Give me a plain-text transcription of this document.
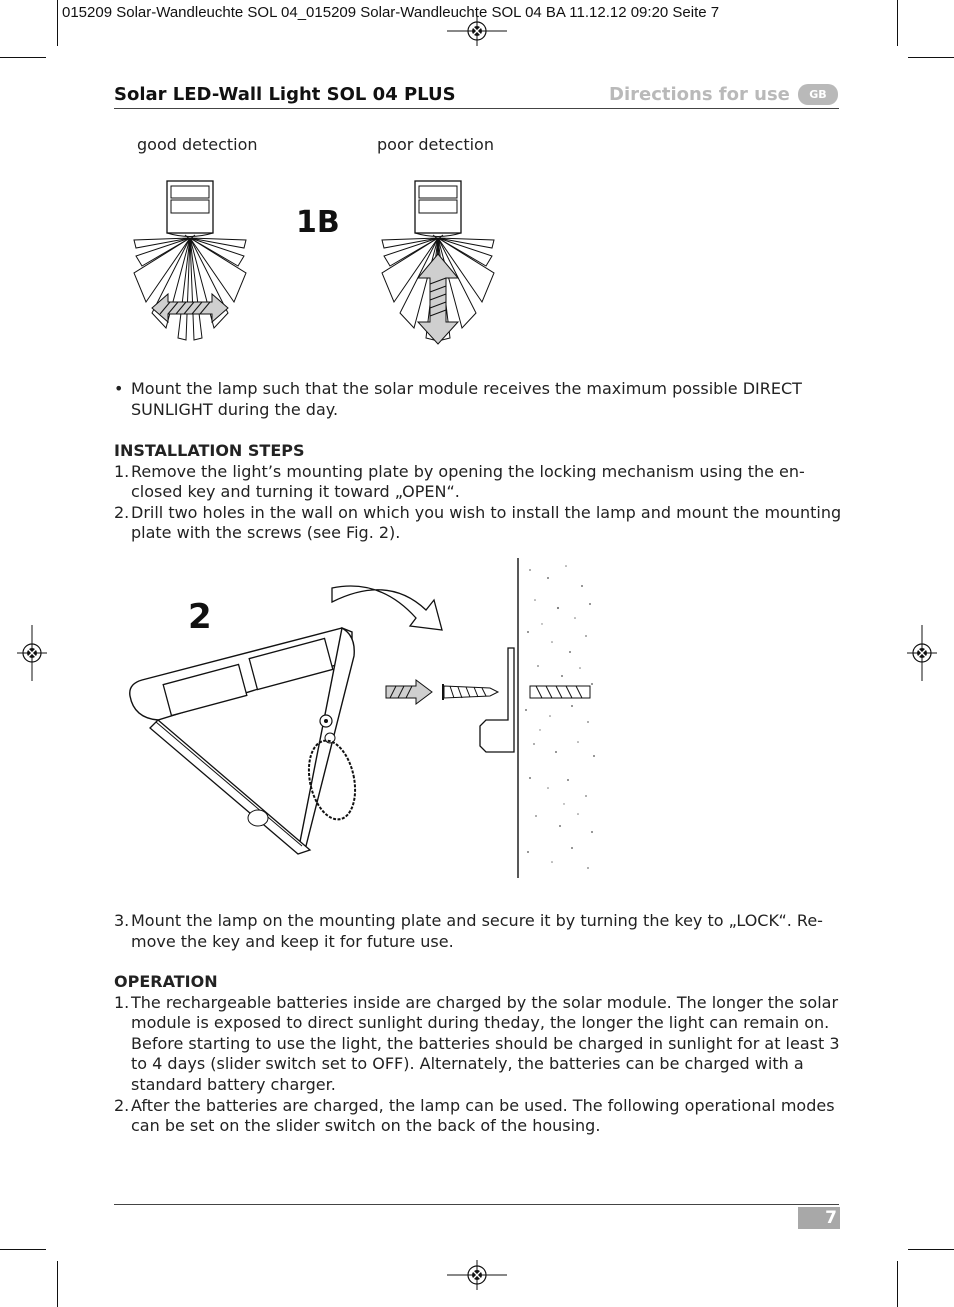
015209 Solar-Wandleuchte SOL 04_015209 Solar-Wandleuchte SOL 04 BA 11.12.12 09:20 Seite 7
Solar LED-Wall Light SOL 04 PLUS	Directions for use	GB
good detection	poor detection
1B
• Mount the lamp such that the solar module receives the maximum possible DIRECT SUNLIGHT during the day.
INSTALLATION STEPS
1. Remove the light’s mounting plate by opening the locking mechanism using the en-closed key and turning it toward „OPEN“.
2. Drill two holes in the wall on which you wish to install the lamp and mount the mounting plate with the screws (see Fig. 2).
2
3. Mount the lamp on the mounting plate and secure it by turning the key to „LOCK“. Re-move the key and keep it for future use.
OPERATION
1. The rechargeable batteries inside are charged by the solar module. The longer the solar module is exposed to direct sunlight during theday, the longer the light can remain on. Before starting to use the light, the batteries should be charged in sunlight for at least 3 to 4 days (slider switch set to OFF). Alternately, the batteries can be charged with a standard battery charger.
2. After the batteries are charged, the lamp can be used. The following operational modes can be set on the slider switch on the back of the housing.
7
